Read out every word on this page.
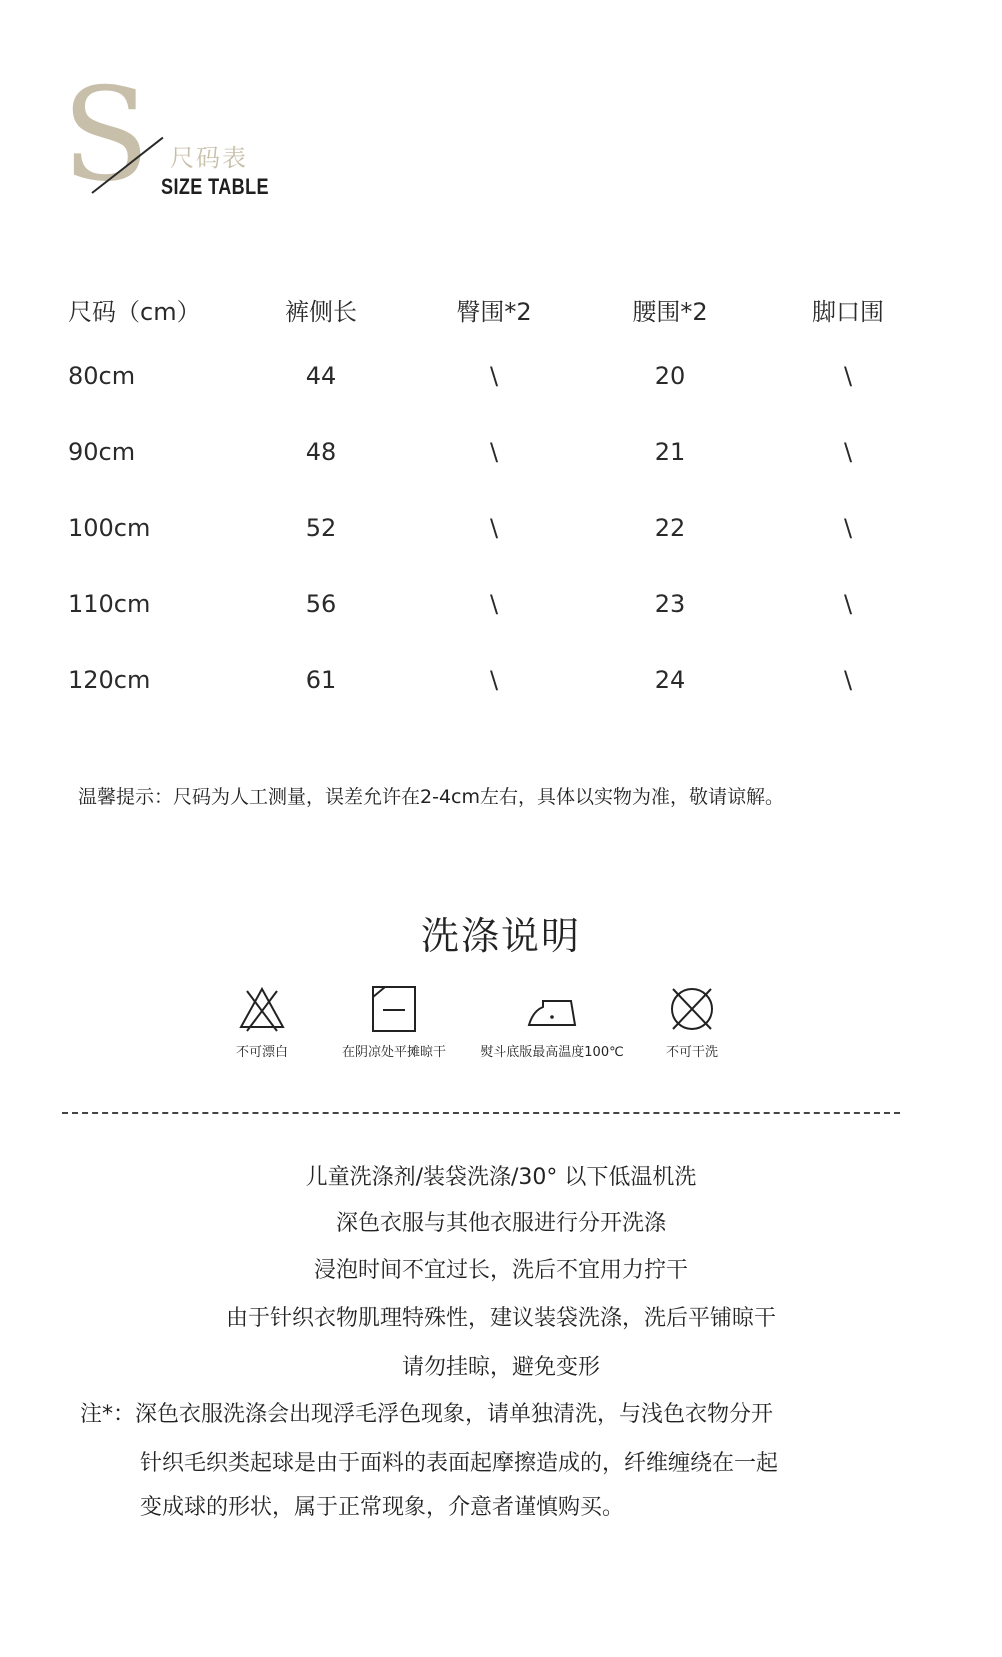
S 尺码表
SIZE TABLE
尺码（cm）	裤侧长	臀围*2	腰围*2	脚口围
80cm	44	\	20	\
90cm	48	\	21	\
100cm	52	\	22	\
110cm	56	\	23	\
120cm	61	\	24	\
温馨提示：尺码为人工测量，误差允许在2-4cm左右，具体以实物为准，敬请谅解。
洗涤说明
不可漂白	在阴凉处平摊晾干	熨斗底版最高温度100℃	不可干洗
儿童洗涤剂/装袋洗涤/30° 以下低温机洗
深色衣服与其他衣服进行分开洗涤
浸泡时间不宜过长，洗后不宜用力拧干
由于针织衣物肌理特殊性，建议装袋洗涤，洗后平铺晾干
请勿挂晾，避免变形
注*：深色衣服洗涤会出现浮毛浮色现象，请单独清洗，与浅色衣物分开
针织毛织类起球是由于面料的表面起摩擦造成的，纤维缠绕在一起
变成球的形状，属于正常现象，介意者谨慎购买。
